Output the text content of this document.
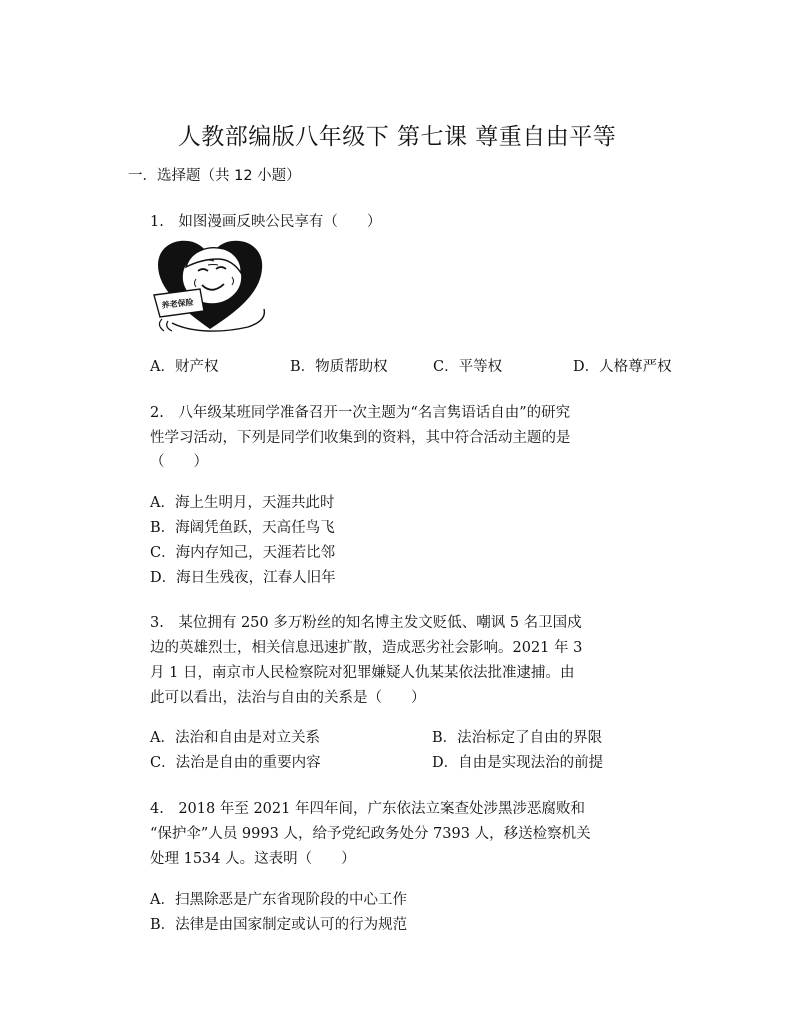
人教部编版八年级下 第七课 尊重自由平等
一．选择题（共 12 小题）
1.　如图漫画反映公民享有（　　）
养老保险
A．财产权	B．物质帮助权	C．平等权	D．人格尊严权
2.　八年级某班同学准备召开一次主题为“名言隽语话自由”的研究
性学习活动，下列是同学们收集到的资料，其中符合活动主题的是
（　　）
A．海上生明月，天涯共此时
B．海阔凭鱼跃，天高任鸟飞
C．海内存知己，天涯若比邻
D．海日生残夜，江春人旧年
3.　某位拥有 250 多万粉丝的知名博主发文贬低、嘲讽 5 名卫国戍
边的英雄烈士，相关信息迅速扩散，造成恶劣社会影响。2021 年 3
月 1 日，南京市人民检察院对犯罪嫌疑人仇某某依法批准逮捕。由
此可以看出，法治与自由的关系是（　　）
A．法治和自由是对立关系	B．法治标定了自由的界限
C．法治是自由的重要内容	D．自由是实现法治的前提
4.　2018 年至 2021 年四年间，广东依法立案查处涉黑涉恶腐败和
“保护伞”人员 9993 人，给予党纪政务处分 7393 人，移送检察机关
处理 1534 人。这表明（　　）
A．扫黑除恶是广东省现阶段的中心工作
B．法律是由国家制定或认可的行为规范
